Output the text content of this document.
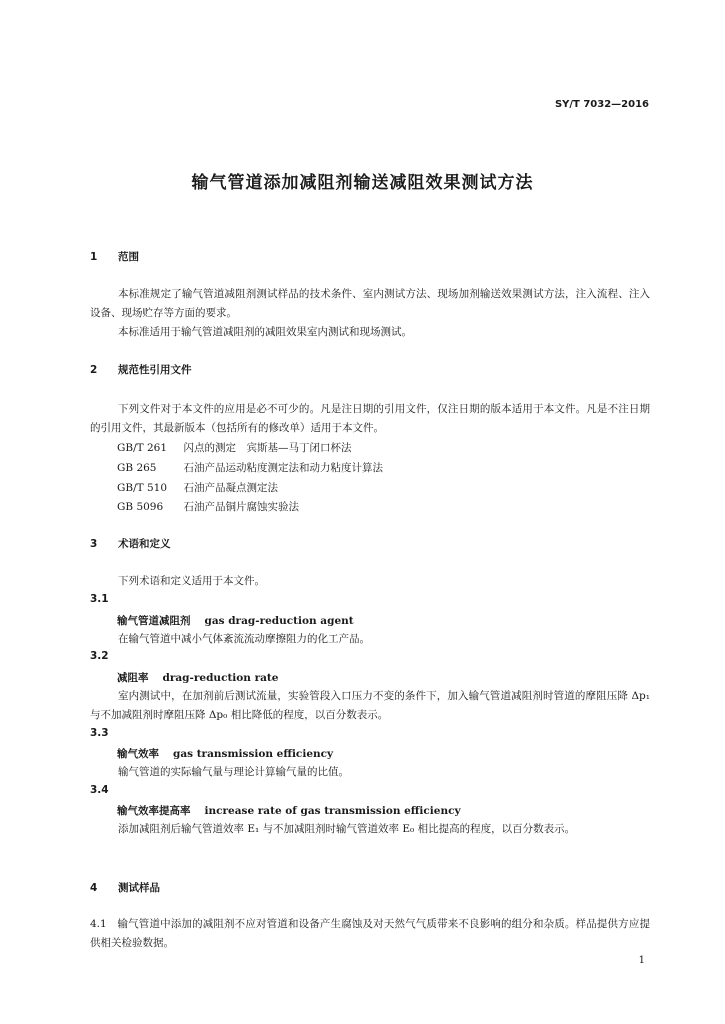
SY/T 7032—2016
输气管道添加减阻剂输送减阻效果测试方法
1 范围
本标准规定了输气管道减阻剂测试样品的技术条件、室内测试方法、现场加剂输送效果测试方法，注入流程、注入设备、现场贮存等方面的要求。
本标准适用于输气管道减阻剂的减阻效果室内测试和现场测试。
2 规范性引用文件
下列文件对于本文件的应用是必不可少的。凡是注日期的引用文件，仅注日期的版本适用于本文件。凡是不注日期的引用文件，其最新版本（包括所有的修改单）适用于本文件。
GB/T 261　 闪点的测定　宾斯基—马丁闭口杯法
GB 265　	石油产品运动粘度测定法和动力粘度计算法
GB/T 510　 石油产品凝点测定法
GB 5096　 石油产品铜片腐蚀实验法
3 术语和定义
下列术语和定义适用于本文件。
3.1
输气管道减阻剂 gas drag-reduction agent
在输气管道中减小气体紊流流动摩擦阻力的化工产品。
3.2
减阻率 drag-reduction rate
室内测试中，在加剂前后测试流量，实验管段入口压力不变的条件下，加入输气管道减阻剂时管道的摩阻压降 Δp₁ 与不加减阻剂时摩阻压降 Δp₀ 相比降低的程度，以百分数表示。
3.3
输气效率 gas transmission efficiency
输气管道的实际输气量与理论计算输气量的比值。
3.4
输气效率提高率 increase rate of gas transmission efficiency
添加减阻剂后输气管道效率 E₁ 与不加减阻剂时输气管道效率 E₀ 相比提高的程度，以百分数表示。
4 测试样品
4.1　输气管道中添加的减阻剂不应对管道和设备产生腐蚀及对天然气气质带来不良影响的组分和杂质。样品提供方应提供相关检验数据。
1
